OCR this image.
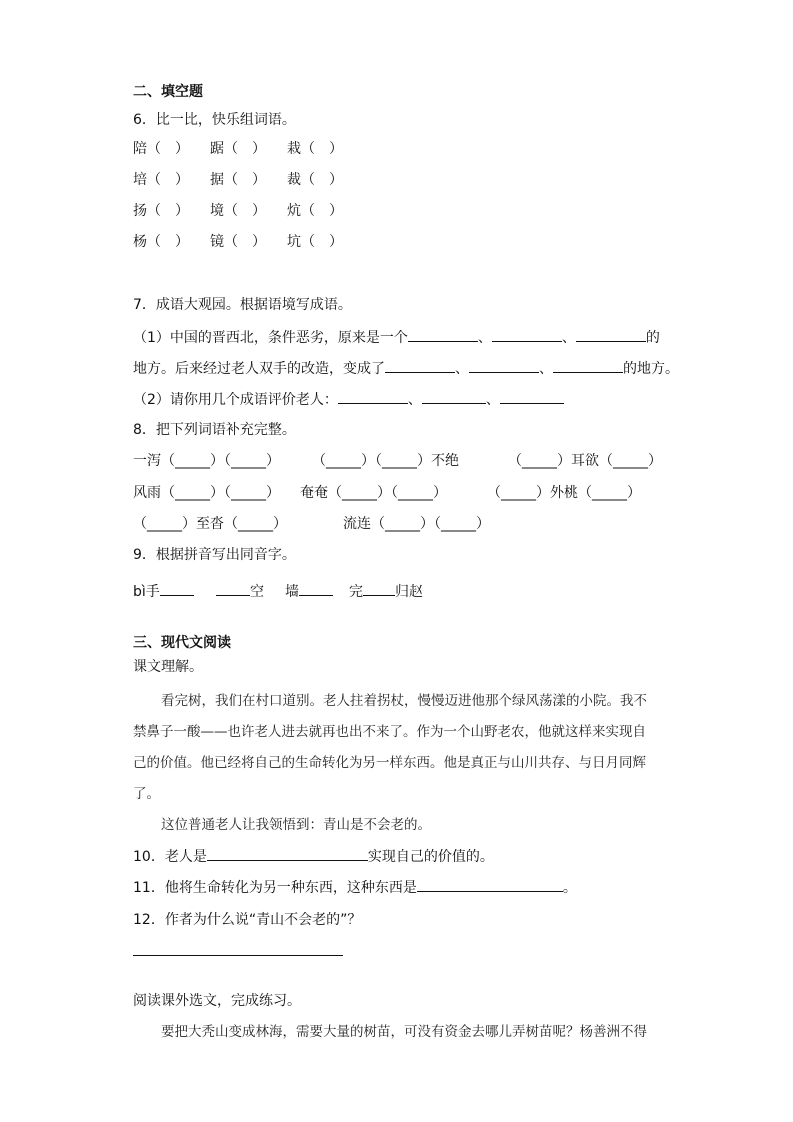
二、填空题
6．比一比，快乐组词语。
陪（　） 踞（　） 栽（　）
培（　） 据（　） 裁（　）
扬（　） 境（　） 炕（　）
杨（　） 镜（　） 坑（　）
7．成语大观园。根据语境写成语。
（1）中国的晋西北，条件恶劣，原来是一个	、	、	的
地方。后来经过老人双手的改造，变成了	、	、	的地方。
（2）请你用几个成语评价老人：	、	、
8．把下列词语补充完整。
一泻（_____）（_____） （_____）（_____）不绝	（_____）耳欲（_____）
风雨（_____）（_____） 奄奄（_____）（_____）	（_____）外桃（_____）
（_____）至沓（_____）	流连（_____）（_____）
9．根据拼音写出同音字。
bì手	空 墙	完 归赵
三、现代文阅读
课文理解。
看完树，我们在村口道别。老人拄着拐杖，慢慢迈进他那个绿风荡漾的小院。我不
禁鼻子一酸——也许老人进去就再也出不来了。作为一个山野老农，他就这样来实现自
己的价值。他已经将自己的生命转化为另一样东西。他是真正与山川共存、与日月同辉
了。
这位普通老人让我领悟到：青山是不会老的。
10．老人是	实现自己的价值的。
11．他将生命转化为另一种东西，这种东西是	。
12．作者为什么说“青山不会老的”？
阅读课外选文，完成练习。
要把大秃山变成林海，需要大量的树苗，可没有资金去哪儿弄树苗呢？杨善洲不得
